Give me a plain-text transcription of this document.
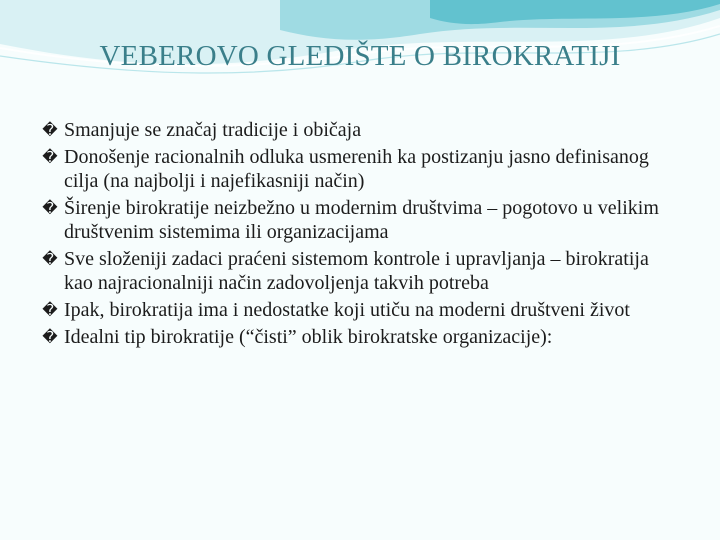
VEBEROVO GLEDIŠTE O BIROKRATIJI
� Smanjuje se značaj tradicije i običaja
� Donošenje racionalnih odluka usmerenih ka postizanju jasno definisanog cilja (na najbolji i najefikasniji način)
� Širenje birokratije neizbežno u modernim društvima – pogotovo u velikim društvenim sistemima ili organizacijama
� Sve složeniji zadaci praćeni sistemom kontrole i upravljanja – birokratija kao najracionalniji način zadovoljenja takvih potreba
� Ipak, birokratija ima i nedostatke koji utiču na moderni društveni život
� Idealni tip birokratije (“čisti” oblik birokratske organizacije):
